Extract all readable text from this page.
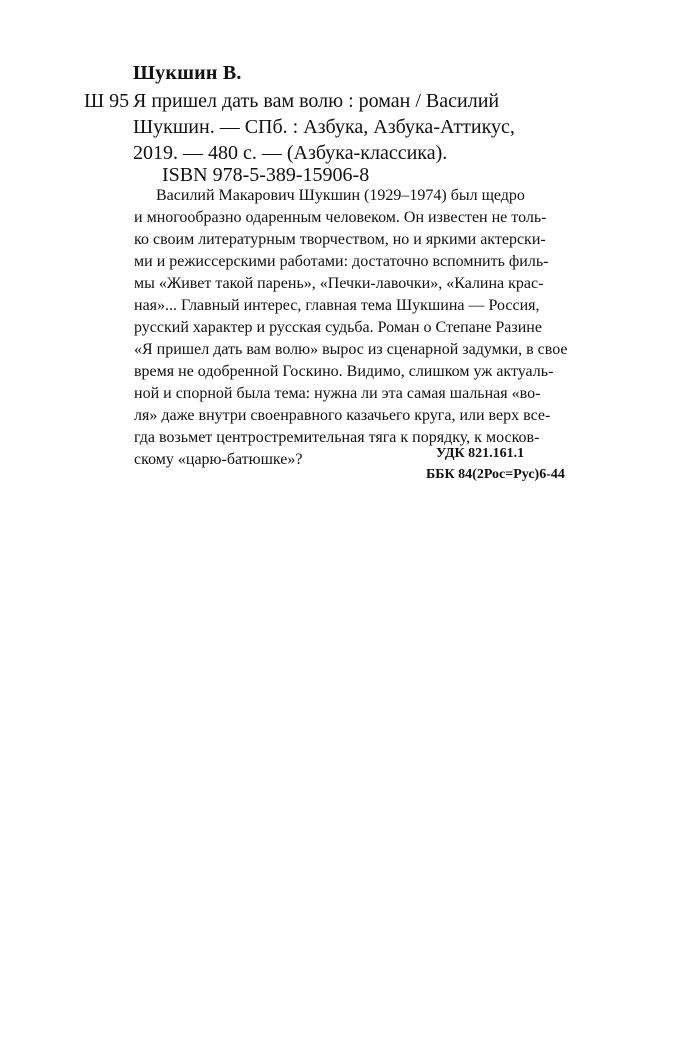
Шукшин В.
Ш 95 Я пришел дать вам волю : роман / Василий
Шукшин. — СПб. : Азбука, Азбука-Аттикус,
2019. — 480 с. — (Азбука-классика).
ISBN 978-5-389-15906-8
Василий Макарович Шукшин (1929–1974) был щедро
и многообразно одаренным человеком. Он известен не толь-
ко своим литературным творчеством, но и яркими актерски-
ми и режиссерскими работами: достаточно вспомнить филь-
мы «Живет такой парень», «Печки-лавочки», «Калина крас-
ная»... Главный интерес, главная тема Шукшина — Россия,
русский характер и русская судьба. Роман о Степане Разине
«Я пришел дать вам волю» вырос из сценарной задумки, в свое
время не одобренной Госкино. Видимо, слишком уж актуаль-
ной и спорной была тема: нужна ли эта самая шальная «во-
ля» даже внутри своенравного казачьего круга, или верх все-
гда возьмет центростремительная тяга к порядку, к москов-
скому «царю-батюшке»?	УДК 821.161.1
ББК 84(2Рос=Рус)6-44
